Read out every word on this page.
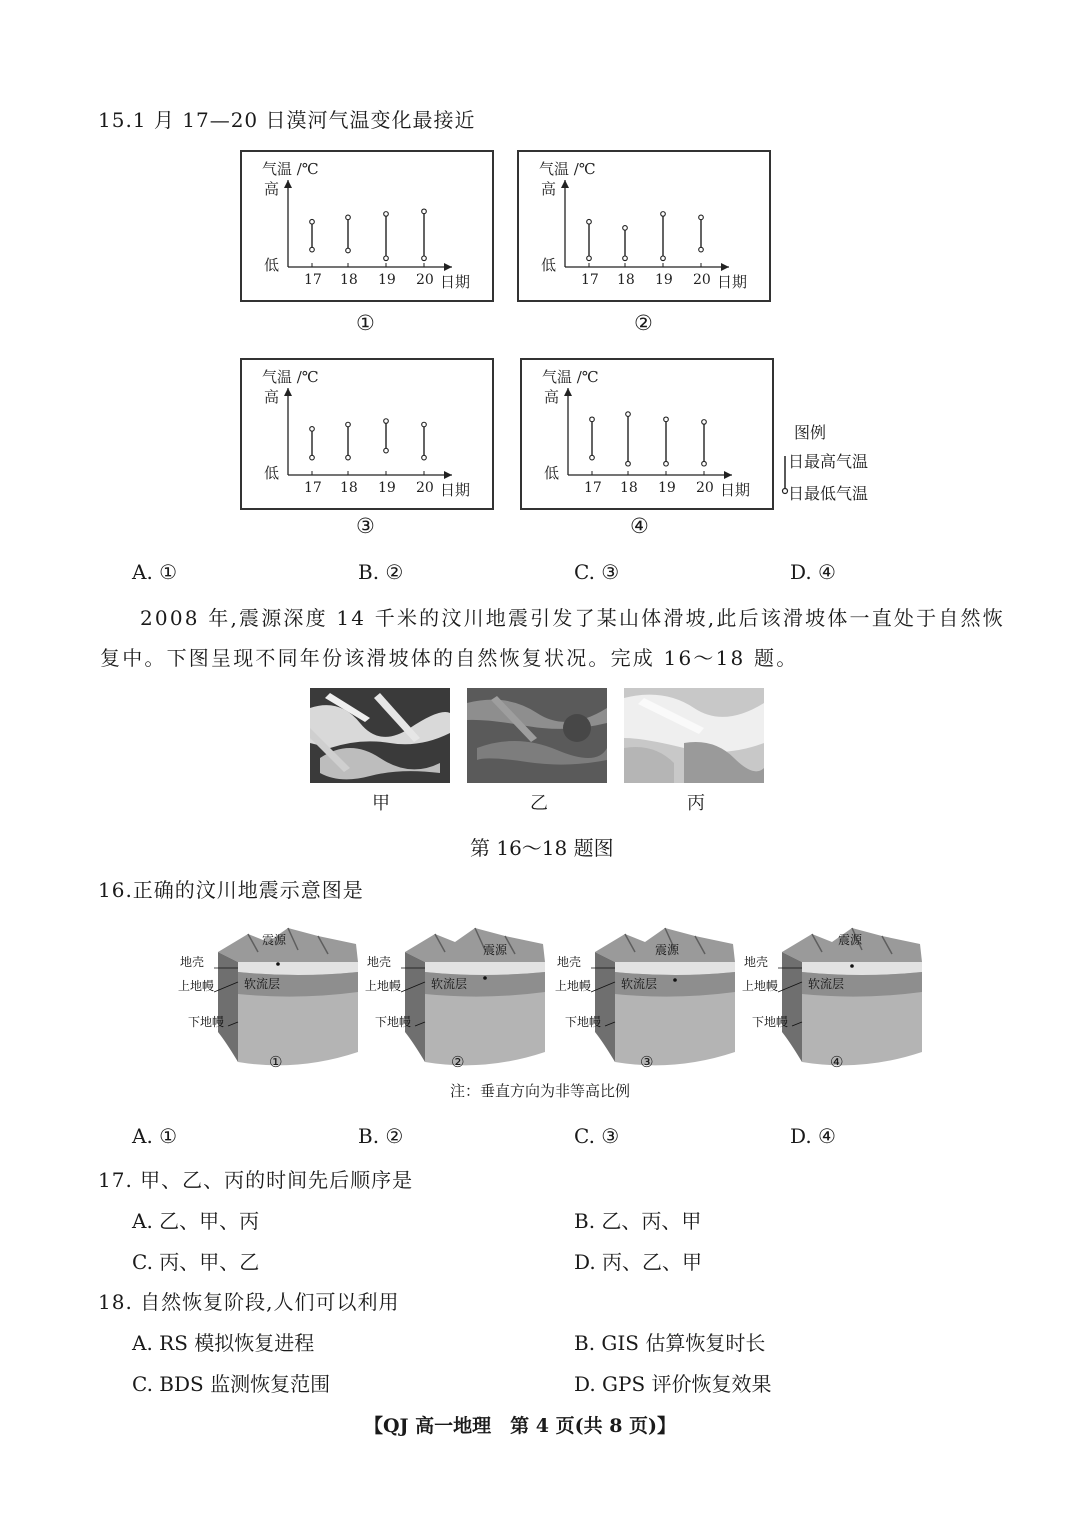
15.1 月 17—20 日漠河气温变化最接近
气温 /℃
高
低
日期
17 18 19 20
气温 /℃
高
低
日期
17 18 19 20
气温 /℃
高
低
日期
17 18 19 20
气温 /℃
高
低
日期
17 18 19 20
①	②
③	④
图例
日最高气温
日最低气温
A. ①	B. ②	C. ③	D. ④
2008 年,震源深度 14 千米的汶川地震引发了某山体滑坡,此后该滑坡体一直处于自然恢
复中。下图呈现不同年份该滑坡体的自然恢复状况。完成 16～18 题。
甲	乙	丙
第 16～18 题图
16.正确的汶川地震示意图是
地壳
上地幔
下地幔
软流层
震源
地壳
上地幔
下地幔
软流层
震源
地壳
上地幔
下地幔
软流层
震源
地壳
上地幔
下地幔
软流层
震源
①	②	③	④
注：垂直方向为非等高比例
A. ①	B. ②	C. ③	D. ④
17. 甲、乙、丙的时间先后顺序是
A. 乙、甲、丙	B. 乙、丙、甲
C. 丙、甲、乙	D. 丙、乙、甲
18. 自然恢复阶段,人们可以利用
A. RS 模拟恢复进程	B. GIS 估算恢复时长
C. BDS 监测恢复范围	D. GPS 评价恢复效果
【QJ 高一地理　第 4 页(共 8 页)】
